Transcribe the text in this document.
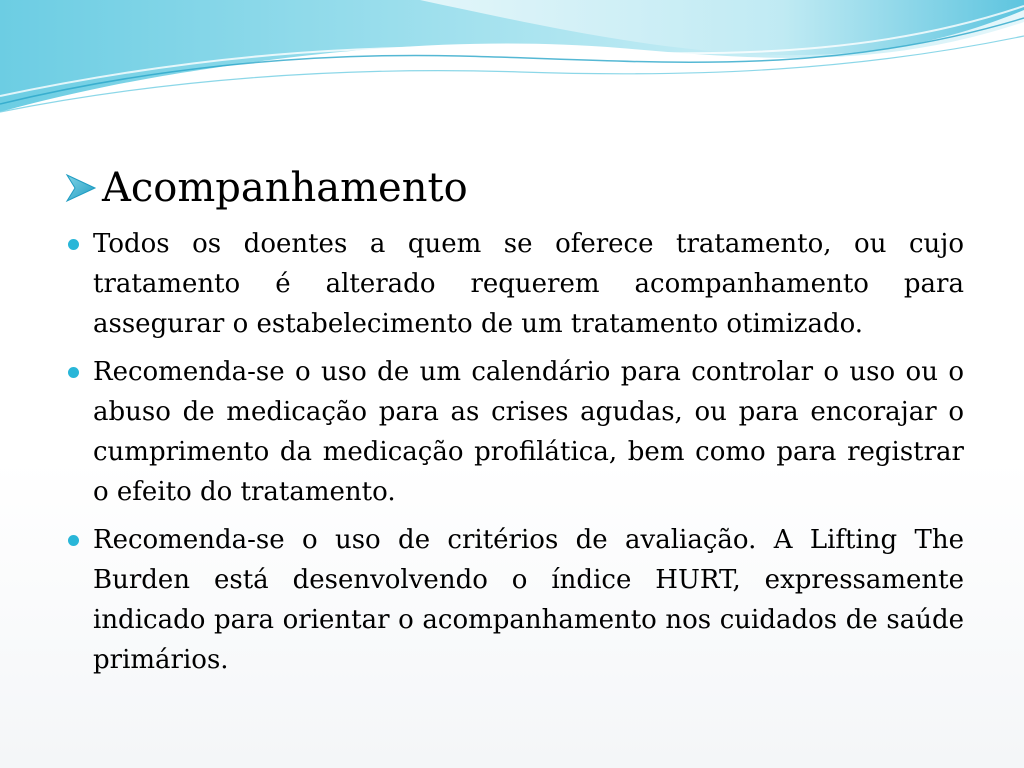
Acompanhamento
Todos os doentes a quem se oferece tratamento, ou cujo tratamento é alterado requerem acompanhamento para assegurar o estabelecimento de um tratamento otimizado.
Recomenda-se o uso de um calendário para controlar o uso ou o abuso de medicação para as crises agudas, ou para encorajar o cumprimento da medicação profilática, bem como para registrar o efeito do tratamento.
Recomenda-se o uso de critérios de avaliação. A Lifting The Burden está desenvolvendo o índice HURT, expressamente indicado para orientar o acompanhamento nos cuidados de saúde primários.
